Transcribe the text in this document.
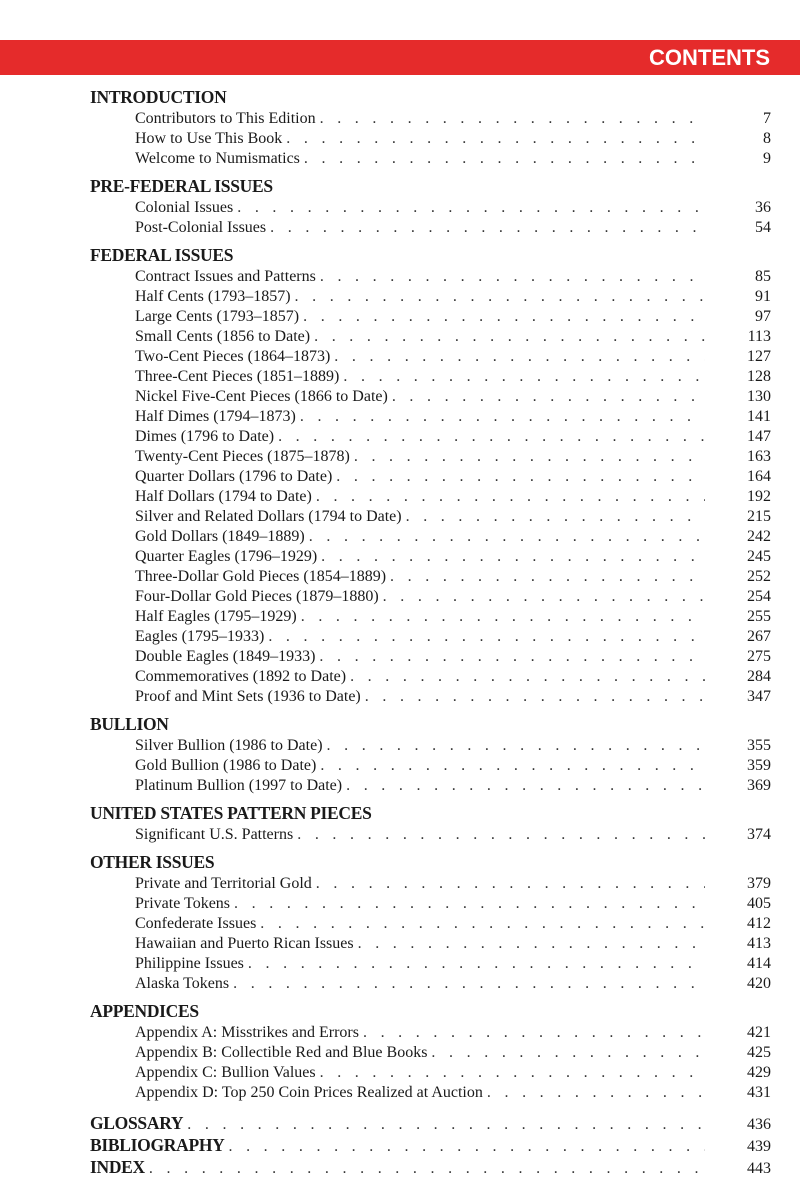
CONTENTS
INTRODUCTION
Contributors to This Edition . . .	7
How to Use This Book . . .	8
Welcome to Numismatics . . .	9
PRE-FEDERAL ISSUES
Colonial Issues . . .	36
Post-Colonial Issues . . .	54
FEDERAL ISSUES
Contract Issues and Patterns . . .	85
Half Cents (1793–1857) . . .	91
Large Cents (1793–1857) . . .	97
Small Cents (1856 to Date) . . .	113
Two-Cent Pieces (1864–1873) . . .	127
Three-Cent Pieces (1851–1889) . . .	128
Nickel Five-Cent Pieces (1866 to Date) . . .	130
Half Dimes (1794–1873) . . .	141
Dimes (1796 to Date) . . .	147
Twenty-Cent Pieces (1875–1878) . . .	163
Quarter Dollars (1796 to Date) . . .	164
Half Dollars (1794 to Date) . . .	192
Silver and Related Dollars (1794 to Date) . . .	215
Gold Dollars (1849–1889) . . .	242
Quarter Eagles (1796–1929) . . .	245
Three-Dollar Gold Pieces (1854–1889) . . .	252
Four-Dollar Gold Pieces (1879–1880) . . .	254
Half Eagles (1795–1929) . . .	255
Eagles (1795–1933) . . .	267
Double Eagles (1849–1933) . . .	275
Commemoratives (1892 to Date) . . .	284
Proof and Mint Sets (1936 to Date) . . .	347
BULLION
Silver Bullion (1986 to Date) . . .	355
Gold Bullion (1986 to Date) . . .	359
Platinum Bullion (1997 to Date) . . .	369
UNITED STATES PATTERN PIECES
Significant U.S. Patterns . . .	374
OTHER ISSUES
Private and Territorial Gold . . .	379
Private Tokens . . .	405
Confederate Issues . . .	412
Hawaiian and Puerto Rican Issues . . .	413
Philippine Issues . . .	414
Alaska Tokens . . .	420
APPENDICES
Appendix A: Misstrikes and Errors . . .	421
Appendix B: Collectible Red and Blue Books . . .	425
Appendix C: Bullion Values . . .	429
Appendix D: Top 250 Coin Prices Realized at Auction . . .	431
GLOSSARY . . .	436
BIBLIOGRAPHY . . .	439
INDEX . . .	443
